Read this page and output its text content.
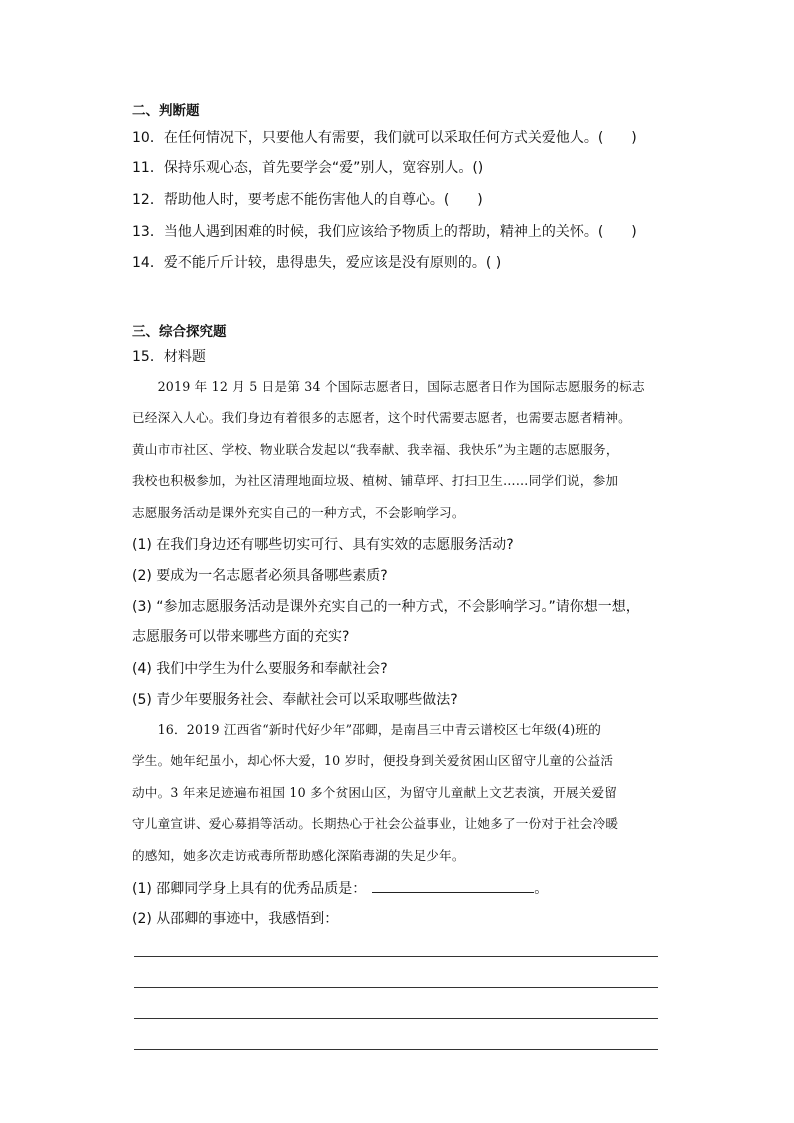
二、判断题
10．在任何情况下，只要他人有需要，我们就可以采取任何方式关爱他人。(　　)
11．保持乐观心态，首先要学会“爱”别人，宽容别人。()
12．帮助他人时，要考虑不能伤害他人的自尊心。(　　)
13．当他人遇到困难的时候，我们应该给予物质上的帮助，精神上的关怀。(　　)
14．爱不能斤斤计较，患得患失，爱应该是没有原则的。( )
三、综合探究题
15．材料题
　　2019 年 12 月 5 日是第 34 个国际志愿者日，国际志愿者日作为国际志愿服务的标志
已经深入人心。我们身边有着很多的志愿者，这个时代需要志愿者，也需要志愿者精神。
黄山市市社区、学校、物业联合发起以“我奉献、我幸福、我快乐”为主题的志愿服务，
我校也积极参加，为社区清理地面垃圾、植树、铺草坪、打扫卫生……同学们说，参加
志愿服务活动是课外充实自己的一种方式，不会影响学习。
(1) 在我们身边还有哪些切实可行、具有实效的志愿服务活动?
(2) 要成为一名志愿者必须具备哪些素质?
(3) “参加志愿服务活动是课外充实自己的一种方式，不会影响学习。”请你想一想，
志愿服务可以带来哪些方面的充实?
(4) 我们中学生为什么要服务和奉献社会?
(5) 青少年要服务社会、奉献社会可以采取哪些做法?
　　16．2019 江西省“新时代好少年”邵卿，是南昌三中青云谱校区七年级(4)班的
学生。她年纪虽小，却心怀大爱，10 岁时，便投身到关爱贫困山区留守儿童的公益活
动中。3 年来足迹遍布祖国 10 多个贫困山区，为留守儿童献上文艺表演，开展关爱留
守儿童宣讲、爱心募捐等活动。长期热心于社会公益事业，让她多了一份对于社会冷暖
的感知，她多次走访戒毒所帮助感化深陷毒湖的失足少年。
(1) 邵卿同学身上具有的优秀品质是：	。
(2) 从邵卿的事迹中，我感悟到：
